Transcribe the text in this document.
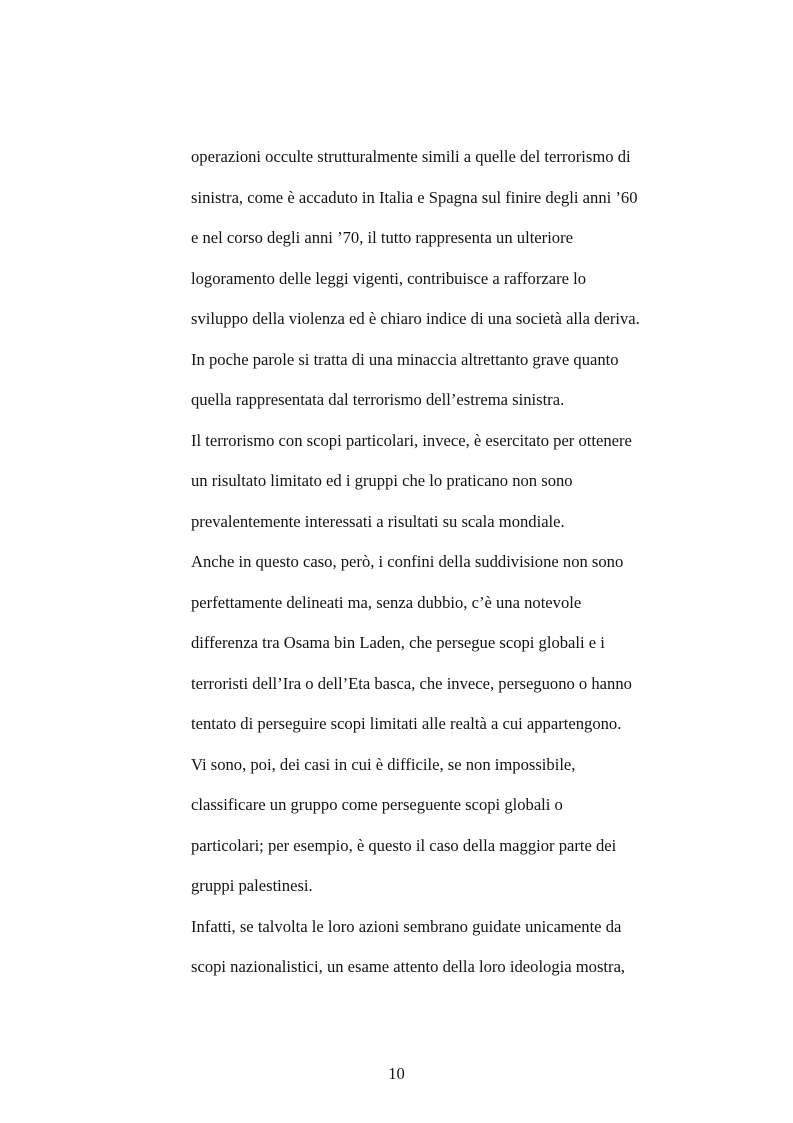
operazioni occulte strutturalmente simili a quelle del terrorismo di
sinistra, come è accaduto in Italia e Spagna sul finire degli anni ’60
e nel corso degli anni ’70, il tutto rappresenta un ulteriore
logoramento delle leggi vigenti, contribuisce a rafforzare lo
sviluppo della violenza ed è chiaro indice di una società alla deriva.
In poche parole si tratta di una minaccia altrettanto grave quanto
quella rappresentata dal terrorismo dell’estrema sinistra.
Il terrorismo con scopi particolari, invece, è esercitato per ottenere
un risultato limitato ed i gruppi che lo praticano non sono
prevalentemente interessati a risultati su scala mondiale.
Anche in questo caso, però, i confini della suddivisione non sono
perfettamente delineati ma, senza dubbio, c’è una notevole
differenza tra Osama bin Laden, che persegue scopi globali e i
terroristi dell’Ira o dell’Eta basca, che invece, perseguono o hanno
tentato di perseguire scopi limitati alle realtà a cui appartengono.
Vi sono, poi, dei casi in cui è difficile, se non impossibile,
classificare un gruppo come perseguente scopi globali o
particolari; per esempio, è questo il caso della maggior parte dei
gruppi palestinesi.
Infatti, se talvolta le loro azioni sembrano guidate unicamente da
scopi nazionalistici, un esame attento della loro ideologia mostra,
10
